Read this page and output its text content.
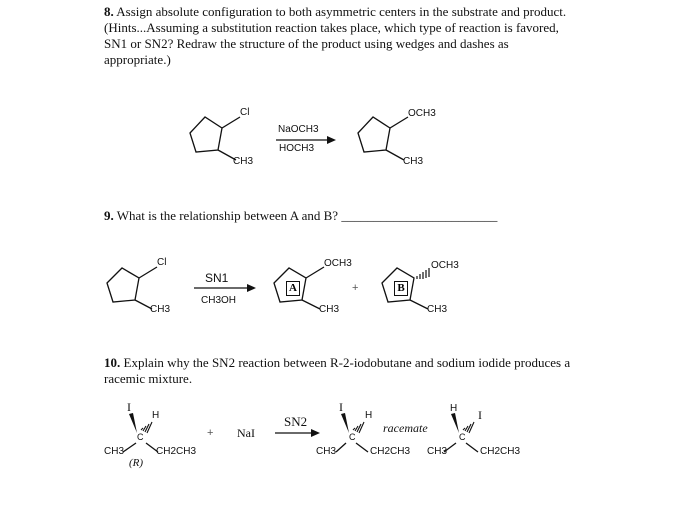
8. Assign absolute configuration to both asymmetric centers in the substrate and product.
(Hints...Assuming a substitution reaction takes place, which type of reaction is favored,
SN1 or SN2? Redraw the structure of the product using wedges and dashes as
appropriate.)
Cl
CH3
NaOCH3
HOCH3
OCH3
CH3
9. What is the relationship between A and B? ________________________
Cl
CH3
SN1
CH3OH
A
OCH3
CH3
+	B
OCH3
CH3
10. Explain why the SN2 reaction between R-2-iodobutane and sodium iodide produces a
racemic mixture.
I
H
C
CH3	CH2CH3
(R)
+ NaI
SN2
I
H
C
CH3	CH2CH3
racemate
H I
C
CH3	CH2CH3
